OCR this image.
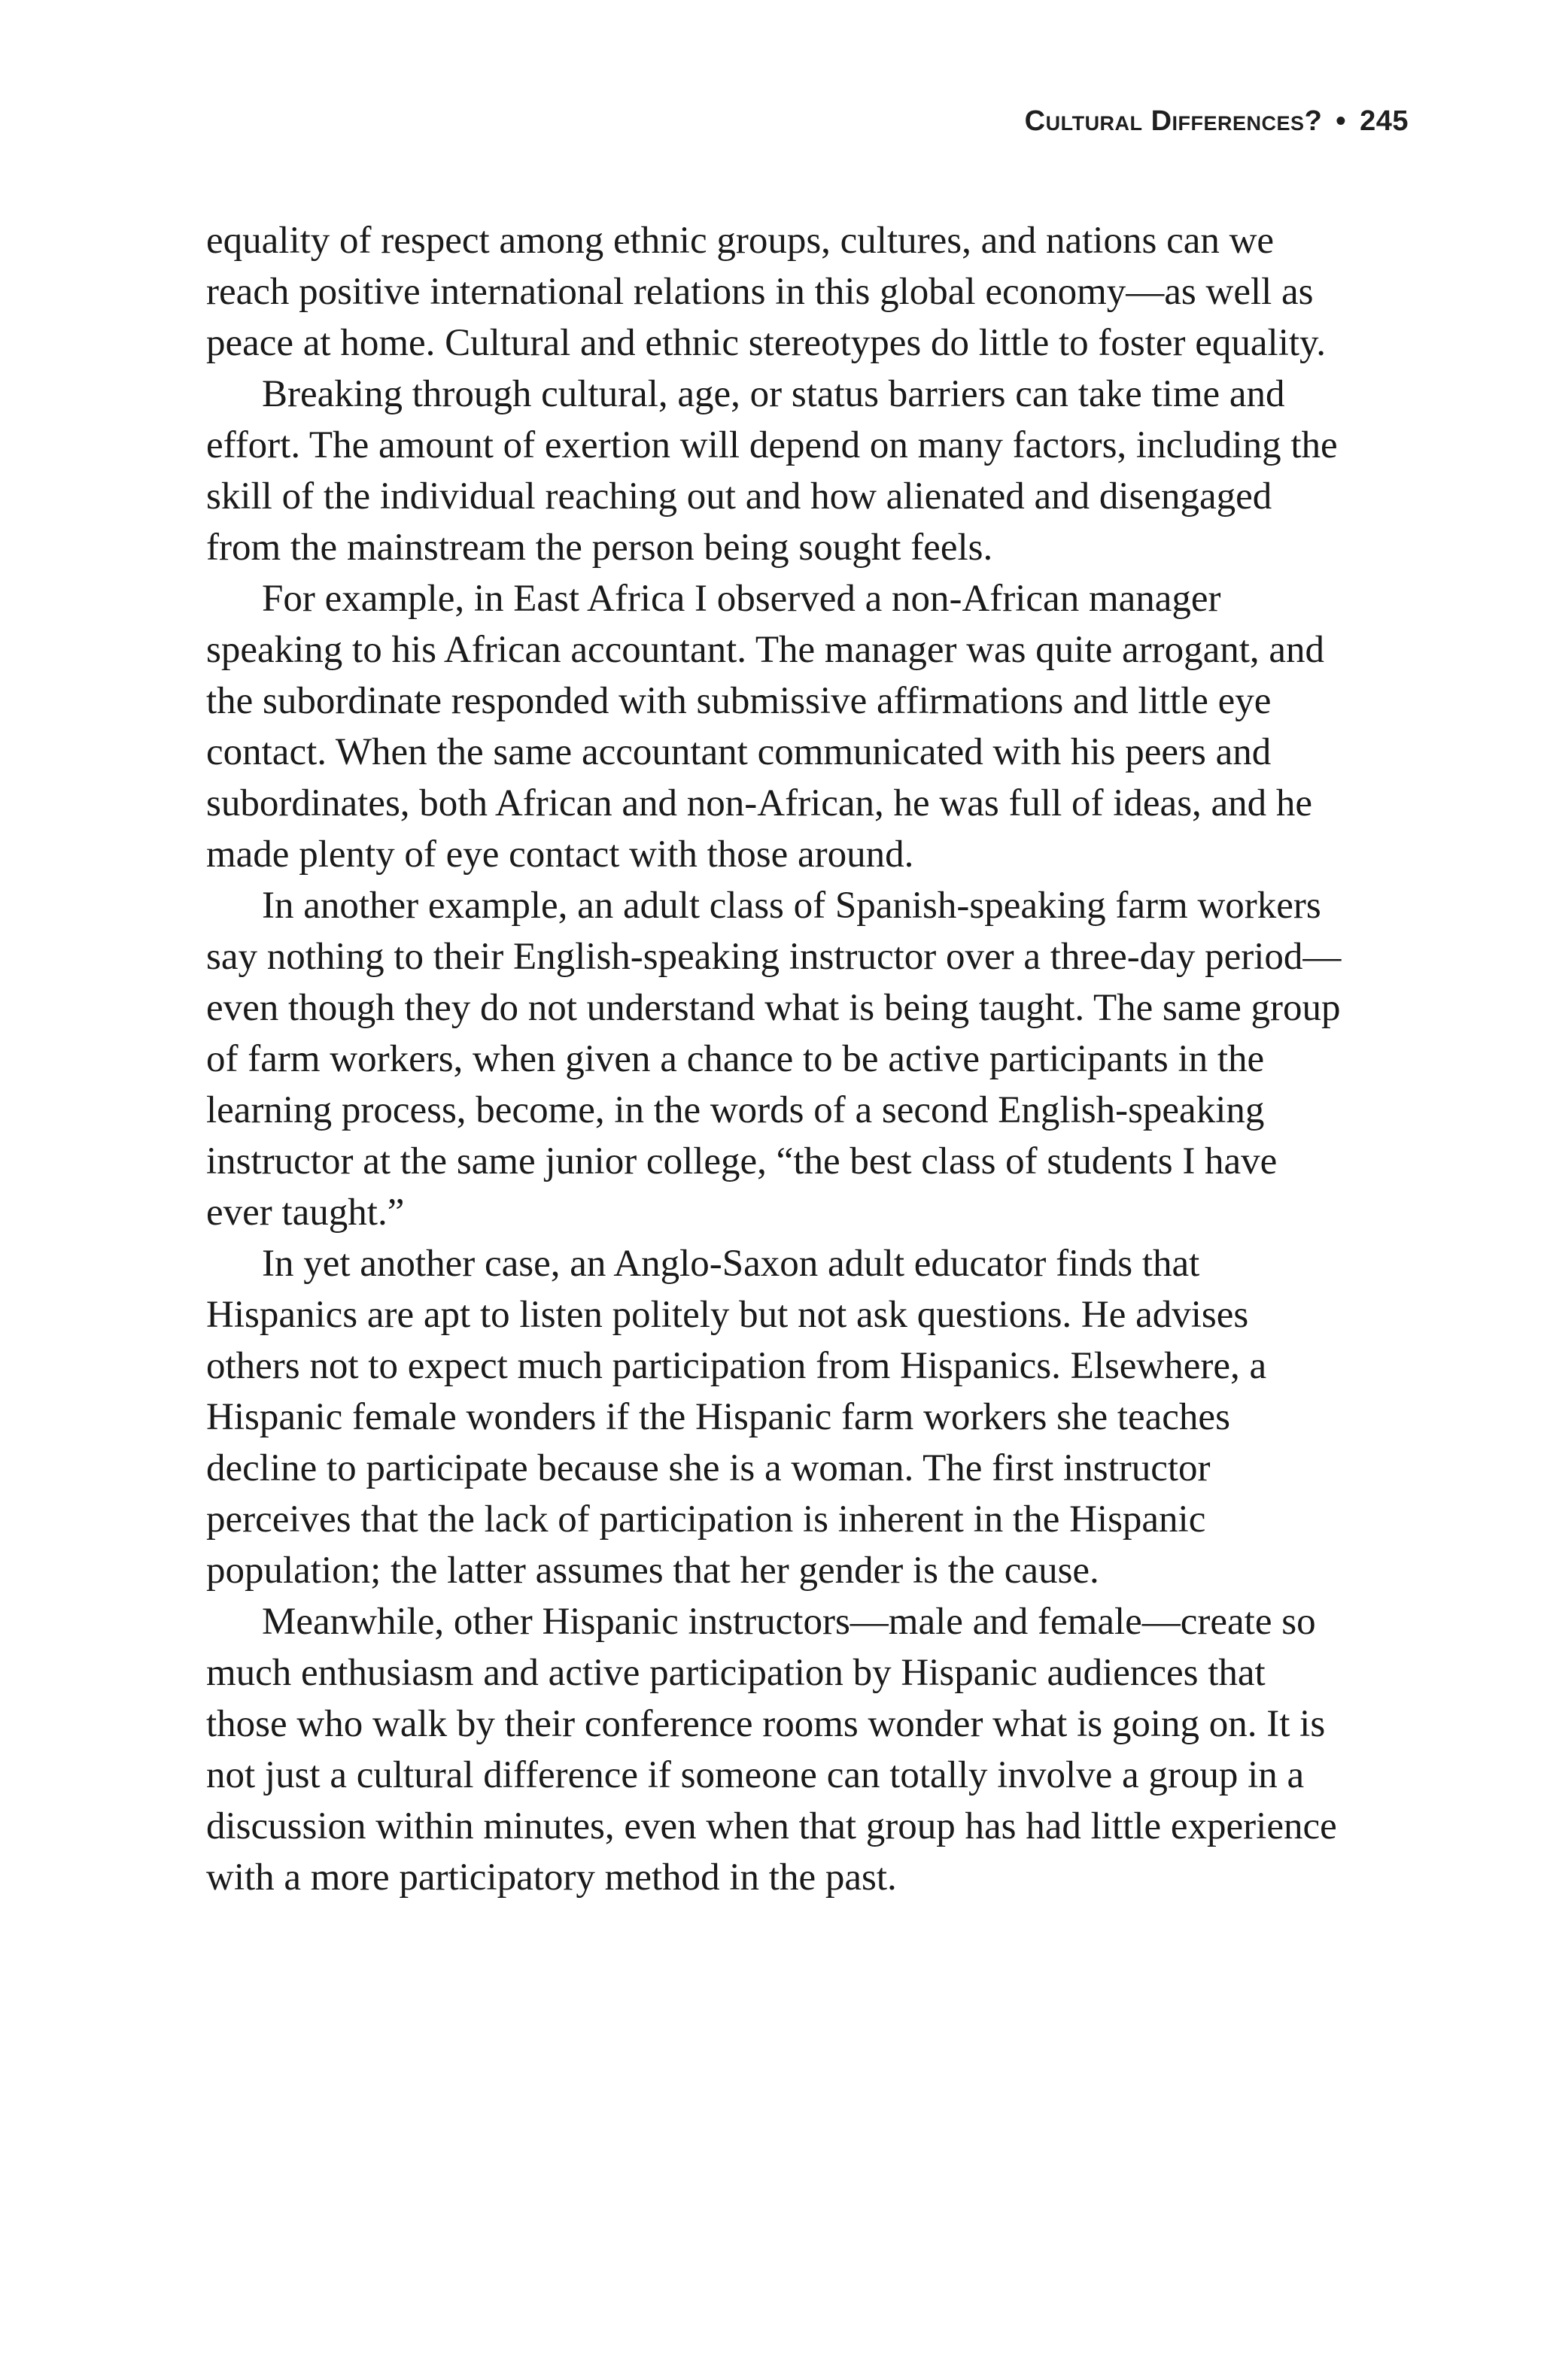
Cultural Differences? • 245

equality of respect among ethnic groups, cultures, and nations can we reach positive international relations in this global economy—as well as peace at home. Cultural and ethnic stereotypes do little to foster equality.

Breaking through cultural, age, or status barriers can take time and effort. The amount of exertion will depend on many factors, including the skill of the individual reaching out and how alienated and disengaged from the mainstream the person being sought feels.

For example, in East Africa I observed a non-African manager speaking to his African accountant. The manager was quite arrogant, and the subordinate responded with submissive affirmations and little eye contact. When the same accountant communicated with his peers and subordinates, both African and non-African, he was full of ideas, and he made plenty of eye contact with those around.

In another example, an adult class of Spanish-speaking farm workers say nothing to their English-speaking instructor over a three-day period—even though they do not understand what is being taught. The same group of farm workers, when given a chance to be active participants in the learning process, become, in the words of a second English-speaking instructor at the same junior college, “the best class of students I have ever taught.”

In yet another case, an Anglo-Saxon adult educator finds that Hispanics are apt to listen politely but not ask questions. He advises others not to expect much participation from Hispanics. Elsewhere, a Hispanic female wonders if the Hispanic farm workers she teaches decline to participate because she is a woman. The first instructor perceives that the lack of participation is inherent in the Hispanic population; the latter assumes that her gender is the cause.

Meanwhile, other Hispanic instructors—male and female—create so much enthusiasm and active participation by Hispanic audiences that those who walk by their conference rooms wonder what is going on. It is not just a cultural difference if someone can totally involve a group in a discussion within minutes, even when that group has had little experience with a more participatory method in the past.
